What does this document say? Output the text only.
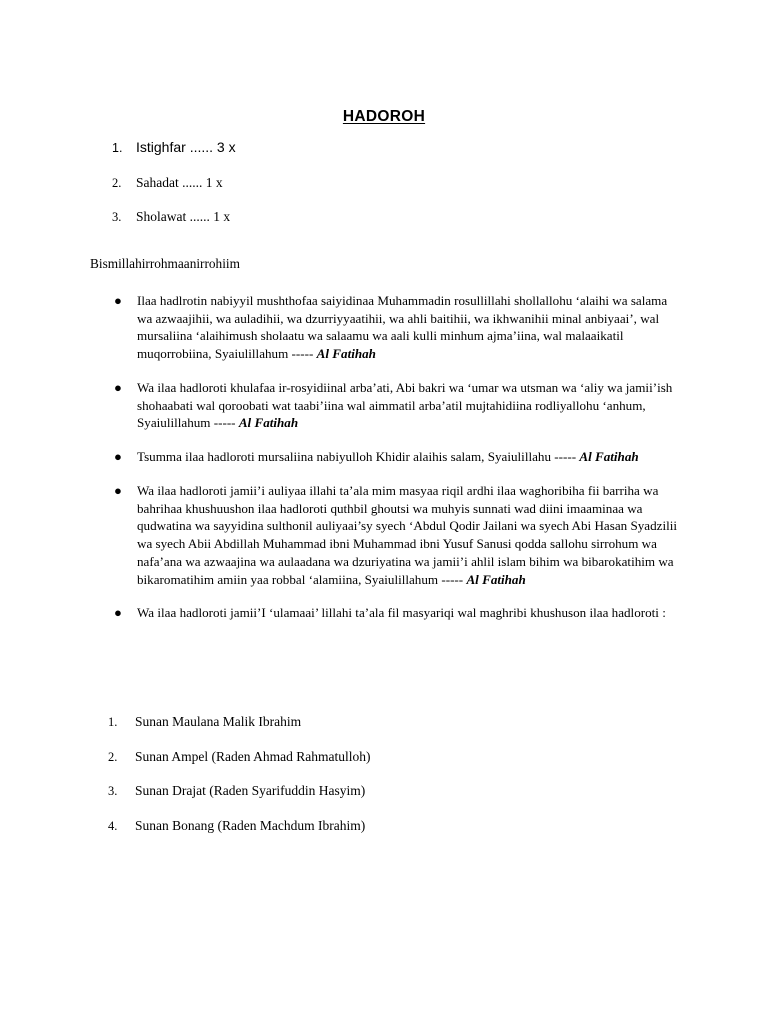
HADOROH
1. Istighfar ...... 3 x
2.	Sahadat ...... 1 x
3.	Sholawat ...... 1 x
Bismillahirrohmaanirrohiim
● Ilaa hadlrotin nabiyyil mushthofaa saiyidinaa Muhammadin rosullillahi shollallohu ‘alaihi wa salama wa azwaajihii, wa auladihii, wa dzurriyyaatihii, wa ahli baitihii, wa ikhwanihii minal anbiyaai’, wal mursaliina ‘alaihimush sholaatu wa salaamu wa aali kulli minhum ajma’iina, wal malaaikatil muqorrobiina, Syaiulillahum ----- Al Fatihah
● Wa ilaa hadloroti khulafaa ir-rosyidiinal arba’ati, Abi bakri wa ‘umar wa utsman wa ‘aliy wa jamii’ish shohaabati wal qoroobati wat taabi’iina wal aimmatil arba’atil mujtahidiina rodliyallohu ‘anhum, Syaiulillahum ----- Al Fatihah
● Tsumma ilaa hadloroti mursaliina nabiyulloh Khidir alaihis salam, Syaiulillahu ----- Al Fatihah
● Wa ilaa hadloroti jamii’i auliyaa illahi ta’ala mim masyaa riqil ardhi ilaa waghoribiha fii barriha wa bahrihaa khushuushon ilaa hadloroti quthbil ghoutsi wa muhyis sunnati wad diini imaaminaa wa qudwatina wa sayyidina sulthonil auliyaai’sy syech ‘Abdul Qodir Jailani wa syech Abi Hasan Syadzilii wa syech Abii Abdillah Muhammad ibni Muhammad ibni Yusuf Sanusi qodda sallohu sirrohum wa nafa’ana wa azwaajina wa aulaadana wa dzuriyatina wa jamii’i ahlil islam bihim wa bibarokatihim wa bikaromatihim amiin yaa robbal ‘alamiina, Syaiulillahum ----- Al Fatihah
● Wa ilaa hadloroti jamii’I ‘ulamaai’ lillahi ta’ala fil masyariqi wal maghribi khushuson ilaa hadloroti :
1.	Sunan Maulana Malik Ibrahim
2.	Sunan Ampel (Raden Ahmad Rahmatulloh)
3.	Sunan Drajat (Raden Syarifuddin Hasyim)
4.	Sunan Bonang (Raden Machdum Ibrahim)
